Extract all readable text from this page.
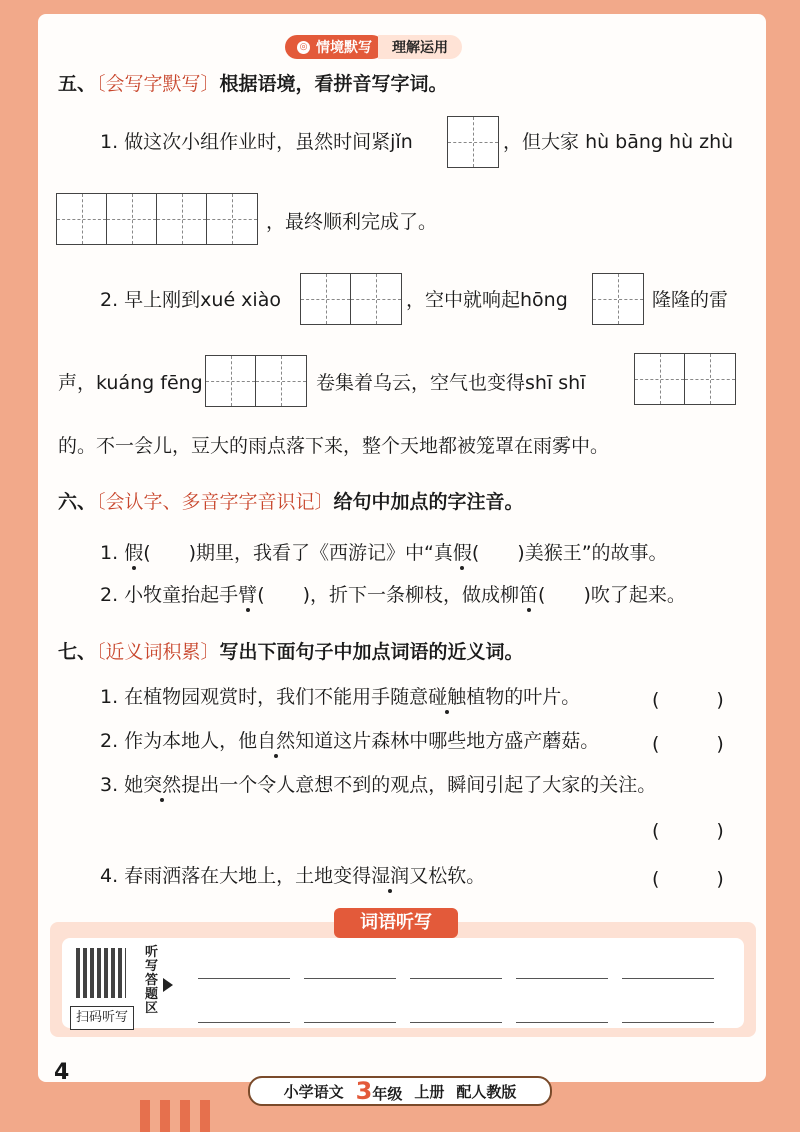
◎ 情境默写	理解运用
五、〔会写字默写〕根据语境，看拼音写字词。
1. 做这次小组作业时，虽然时间紧jǐn	，但大家 hù bāng hù zhù
，最终顺利完成了。
2. 早上刚到xué xiào	，空中就响起hōng	隆隆的雷
声，kuáng fēng	卷集着乌云，空气也变得shī shī
的。不一会儿，豆大的雨点落下来，整个天地都被笼罩在雨雾中。
六、〔会认字、多音字字音识记〕给句中加点的字注音。
1. 假(　　)期里，我看了《西游记》中“真假(　　)美猴王”的故事。
2. 小牧童抬起手臂(　　)，折下一条柳枝，做成柳笛(　　)吹了起来。
七、〔近义词积累〕写出下面句子中加点词语的近义词。
1. 在植物园观赏时，我们不能用手随意碰触植物的叶片。	(　　　)
2. 作为本地人，他自然知道这片森林中哪些地方盛产蘑菇。	(　　　)
3. 她突然提出一个令人意想不到的观点，瞬间引起了大家的关注。
(　　　)
4. 春雨洒落在大地上，土地变得湿润又松软。	(　　　)
词语听写
扫码听写
听写答题区
4
小学语文 3年级 上册 配人教版
